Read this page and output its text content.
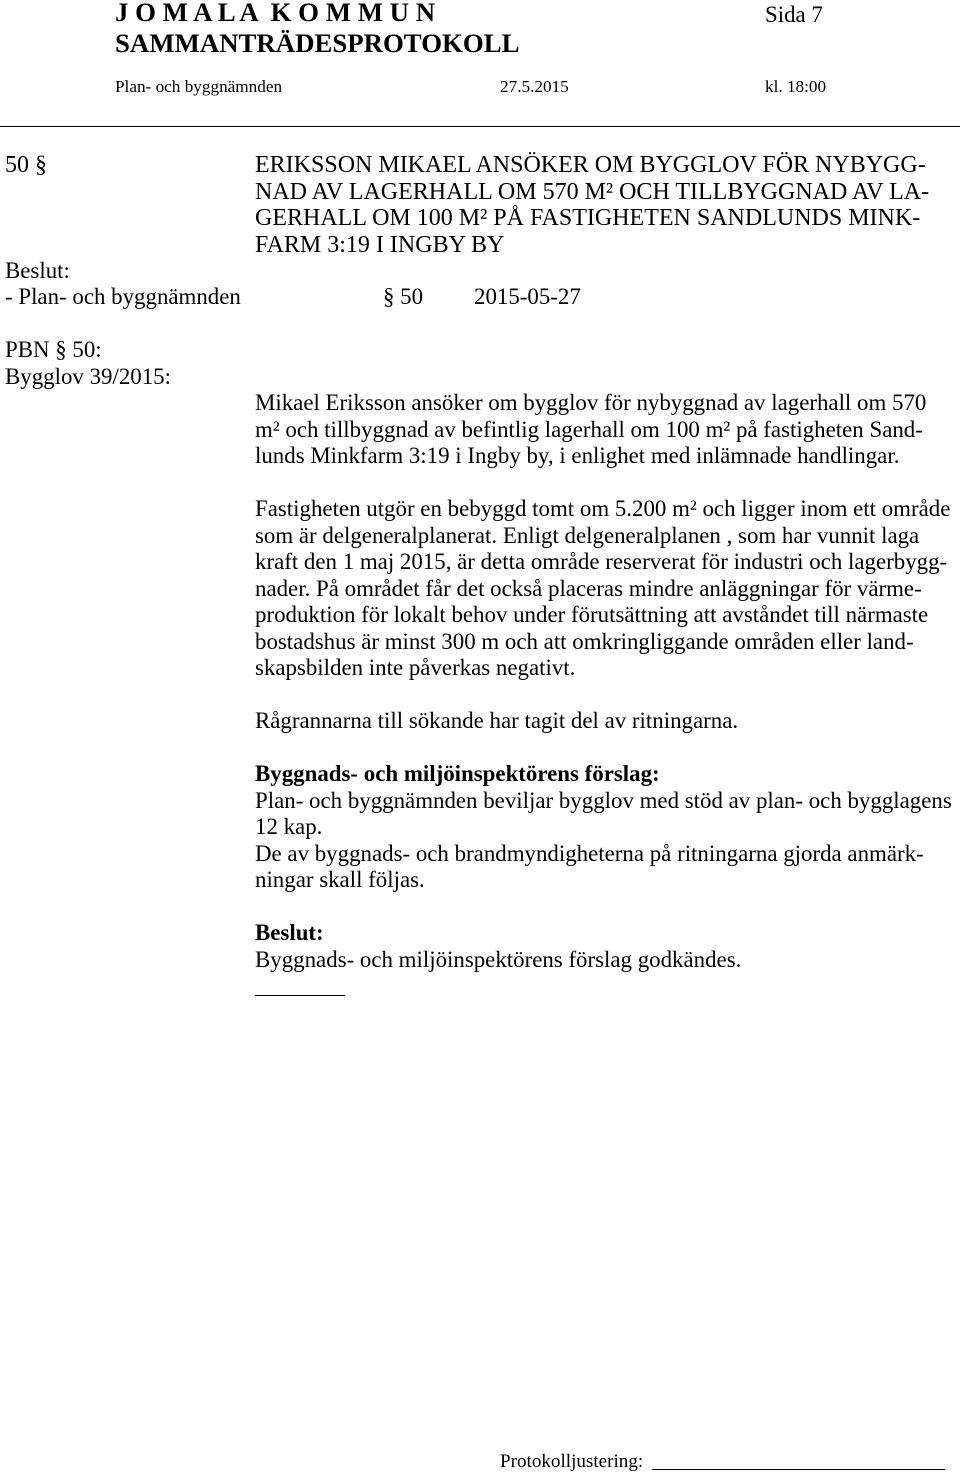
J O M A L A  K O M M U N	Sida 7
SAMMANTRÄDESPROTOKOLL
Plan- och byggnämnden	27.5.2015	kl. 18:00
50 §	ERIKSSON MIKAEL ANSÖKER OM BYGGLOV FÖR NYBYGG-
NAD AV LAGERHALL OM 570 M² OCH TILLBYGGNAD AV LA-
GERHALL OM 100 M² PÅ FASTIGHETEN SANDLUNDS MINK-
FARM 3:19 I INGBY BY
Beslut:
- Plan- och byggnämnden	§ 50 2015-05-27
PBN § 50:
Bygglov 39/2015:
Mikael Eriksson ansöker om bygglov för nybyggnad av lagerhall om 570
m² och tillbyggnad av befintlig lagerhall om 100 m² på fastigheten Sand-
lunds Minkfarm 3:19 i Ingby by, i enlighet med inlämnade handlingar.
Fastigheten utgör en bebyggd tomt om 5.200 m² och ligger inom ett område
som är delgeneralplanerat. Enligt delgeneralplanen , som har vunnit laga
kraft den 1 maj 2015, är detta område reserverat för industri och lagerbygg-
nader. På området får det också placeras mindre anläggningar för värme-
produktion för lokalt behov under förutsättning att avståndet till närmaste
bostadshus är minst 300 m och att omkringliggande områden eller land-
skapsbilden inte påverkas negativt.
Rågrannarna till sökande har tagit del av ritningarna.
Byggnads- och miljöinspektörens förslag:
Plan- och byggnämnden beviljar bygglov med stöd av plan- och bygglagens
12 kap.
De av byggnads- och brandmyndigheterna på ritningarna gjorda anmärk-
ningar skall följas.
Beslut:
Byggnads- och miljöinspektörens förslag godkändes.
Protokolljustering:
